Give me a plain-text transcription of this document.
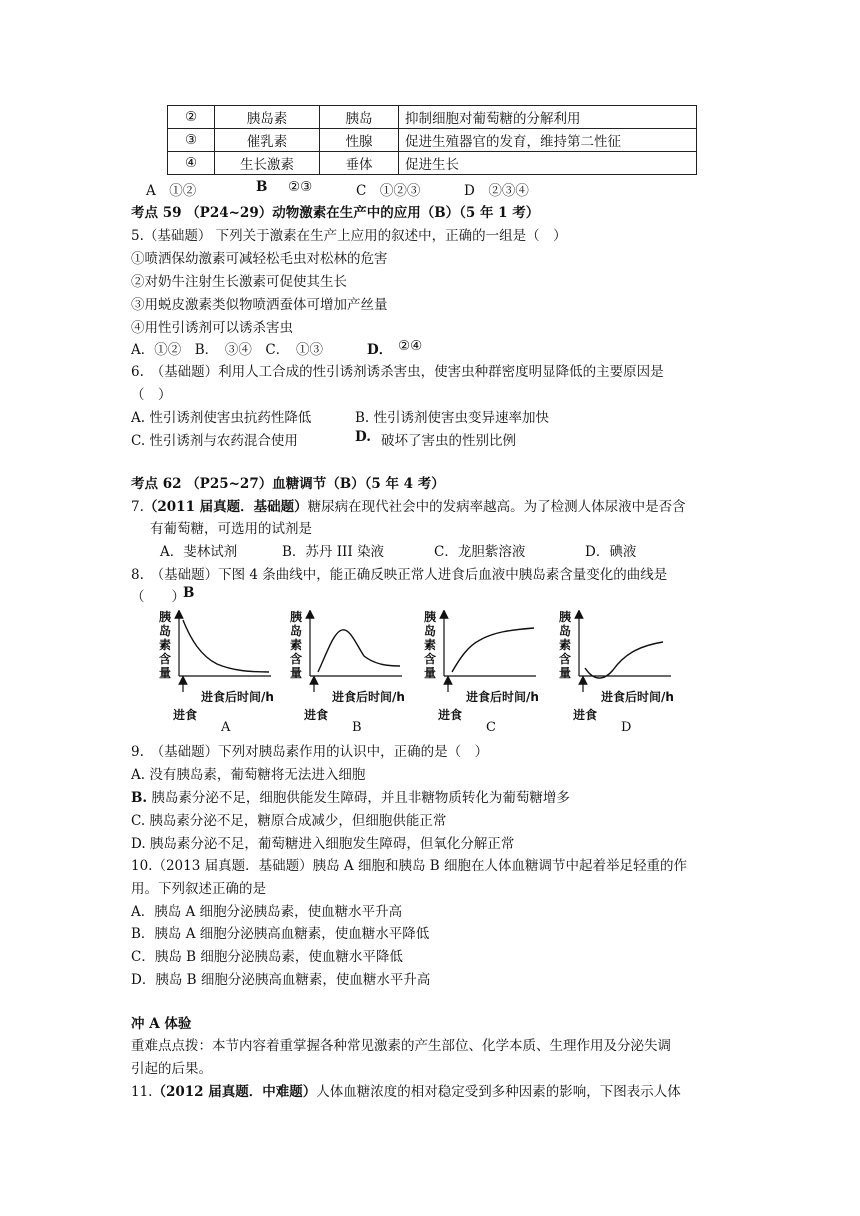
②	胰岛素	胰岛	抑制细胞对葡萄糖的分解利用
③	催乳素	性腺	促进生殖器官的发育，维持第二性征
④	生长激素	垂体	促进生长
A　①②	B ②③	C　①②③	D　②③④
考点 59 （P24~29）动物激素在生产中的应用（B）（5 年 1 考）
5.（基础题） 下列关于激素在生产上应用的叙述中，正确的一组是（　）
①喷洒保幼激素可减轻松毛虫对松林的危害
②对奶牛注射生长激素可促使其生长
③用蜕皮激素类似物喷洒蚕体可增加产丝量
④用性引诱剂可以诱杀害虫
A．①②　B．　③④　C．　①③	D． ②④
6.　（基础题）利用人工合成的性引诱剂诱杀害虫，使害虫种群密度明显降低的主要原因是
（　）
A. 性引诱剂使害虫抗药性降低	B. 性引诱剂使害虫变异速率加快
C. 性引诱剂与农药混合使用	D. 破坏了害虫的性别比例
考点 62 （P25~27）血糖调节（B）（5 年 4 考）
7.（2011 届真题．基础题）糖尿病在现代社会中的发病率越高。为了检测人体尿液中是否含
有葡萄糖，可选用的试剂是
A．斐林试剂	B．苏丹 III 染液	C．龙胆紫溶液	D．碘液
8.　（基础题）下图 4 条曲线中，能正确反映正常人进食后血液中胰岛素含量变化的曲线是
（　　）
B
胰岛素含量
进食后时间/h
进食
A
胰岛素含量
进食后时间/h
进食
B
胰岛素含量
进食后时间/h
进食
C
胰岛素含量
进食后时间/h
进食
D
9.　（基础题）下列对胰岛素作用的认识中，正确的是（　）
A. 没有胰岛素，葡萄糖将无法进入细胞
B. 胰岛素分泌不足，细胞供能发生障碍，并且非糖物质转化为葡萄糖增多
C. 胰岛素分泌不足，糖原合成减少，但细胞供能正常
D. 胰岛素分泌不足，葡萄糖进入细胞发生障碍，但氧化分解正常
10.（2013 届真题．基础题）胰岛 A 细胞和胰岛 B 细胞在人体血糖调节中起着举足轻重的作
用。下列叙述正确的是
A．胰岛 A 细胞分泌胰岛素，使血糖水平升高
B．胰岛 A 细胞分泌胰高血糖素，使血糖水平降低
C．胰岛 B 细胞分泌胰岛素，使血糖水平降低
D．胰岛 B 细胞分泌胰高血糖素，使血糖水平升高
冲 A 体验
重难点点拨：本节内容着重掌握各种常见激素的产生部位、化学本质、生理作用及分泌失调
引起的后果。
11.（2012 届真题．中难题）人体血糖浓度的相对稳定受到多种因素的影响，下图表示人体
